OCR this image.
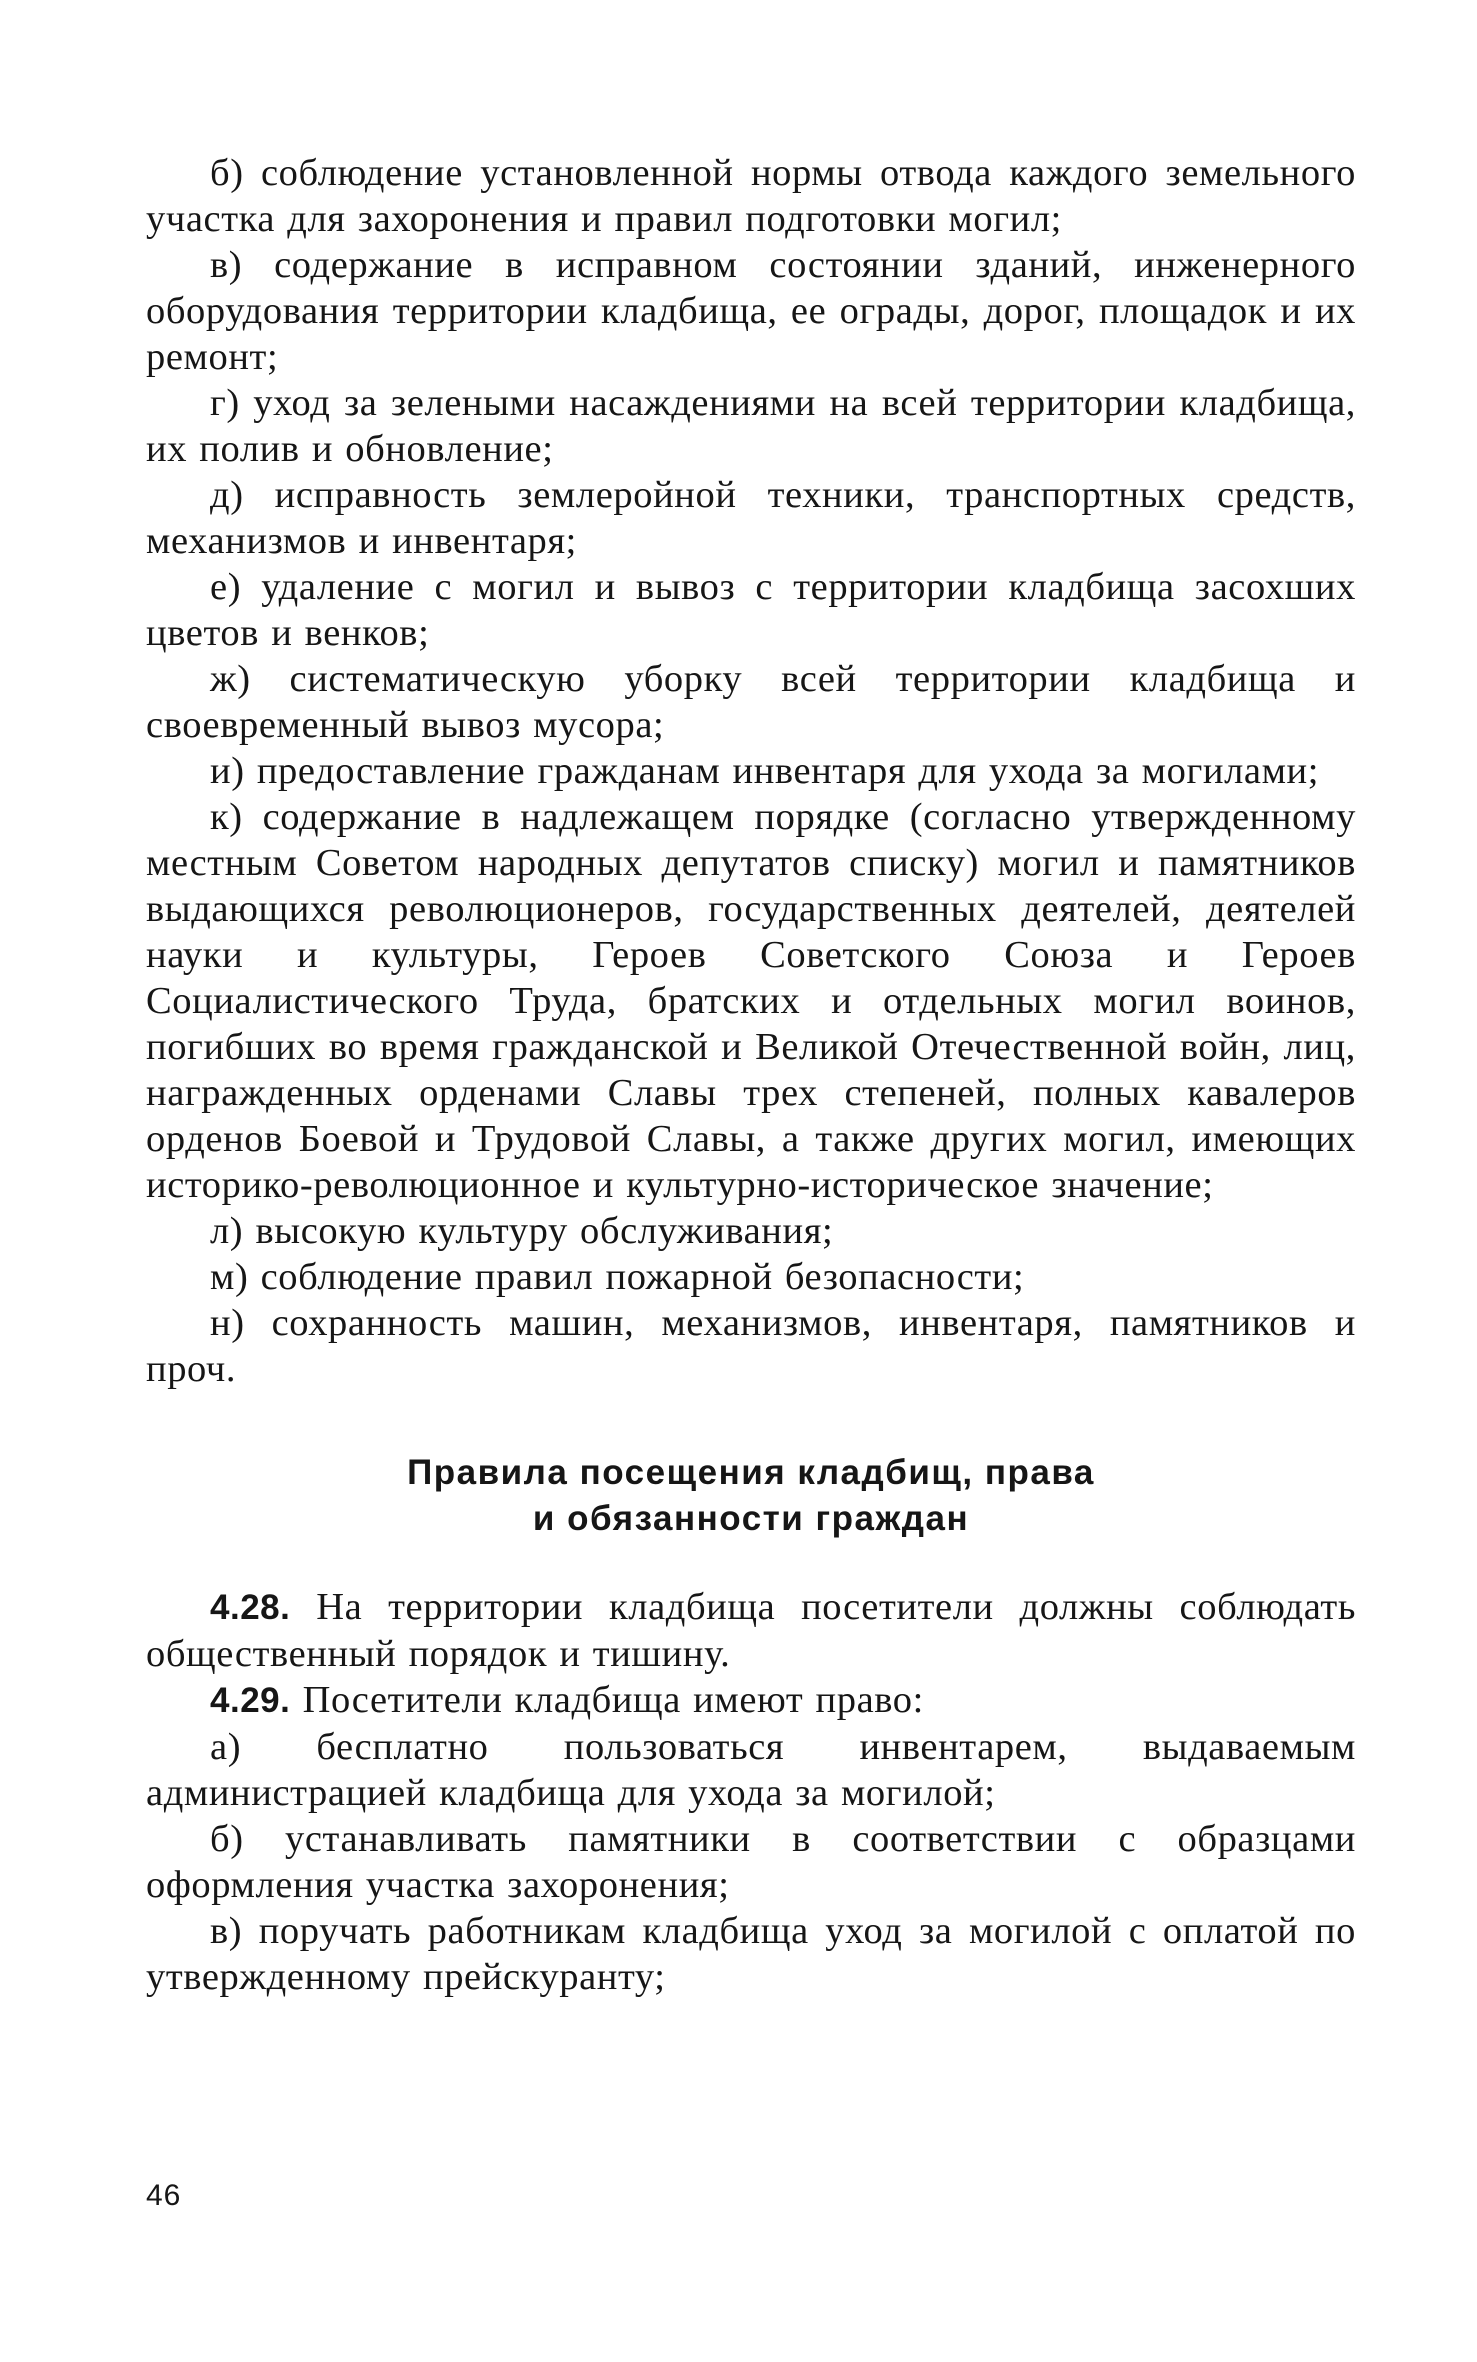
б) соблюдение установленной нормы отвода каждого земельного участка для захоронения и правил подготовки могил;

в) содержание в исправном состоянии зданий, инженерного оборудования территории кладбища, ее ограды, дорог, площадок и их ремонт;

г) уход за зелеными насаждениями на всей территории кладбища, их полив и обновление;

д) исправность землеройной техники, транспортных средств, механизмов и инвентаря;

е) удаление с могил и вывоз с территории кладбища засохших цветов и венков;

ж) систематическую уборку всей территории кладбища и своевременный вывоз мусора;

и) предоставление гражданам инвентаря для ухода за могилами;

к) содержание в надлежащем порядке (согласно утвержденному местным Советом народных депутатов списку) могил и памятников выдающихся революционеров, государственных деятелей, деятелей науки и культуры, Героев Советского Союза и Героев Социалистического Труда, братских и отдельных могил воинов, погибших во время гражданской и Великой Отечественной войн, лиц, награжденных орденами Славы трех степеней, полных кавалеров орденов Боевой и Трудовой Славы, а также других могил, имеющих историко-революционное и культурно-историческое значение;

л) высокую культуру обслуживания;

м) соблюдение правил пожарной безопасности;

н) сохранность машин, механизмов, инвентаря, памятников и проч.

Правила посещения кладбищ, права
и обязанности граждан

4.28. На территории кладбища посетители должны соблюдать общественный порядок и тишину.

4.29. Посетители кладбища имеют право:

а) бесплатно пользоваться инвентарем, выдаваемым администрацией кладбища для ухода за могилой;

б) устанавливать памятники в соответствии с образцами оформления участка захоронения;

в) поручать работникам кладбища уход за могилой с оплатой по утвержденному прейскуранту;

46
